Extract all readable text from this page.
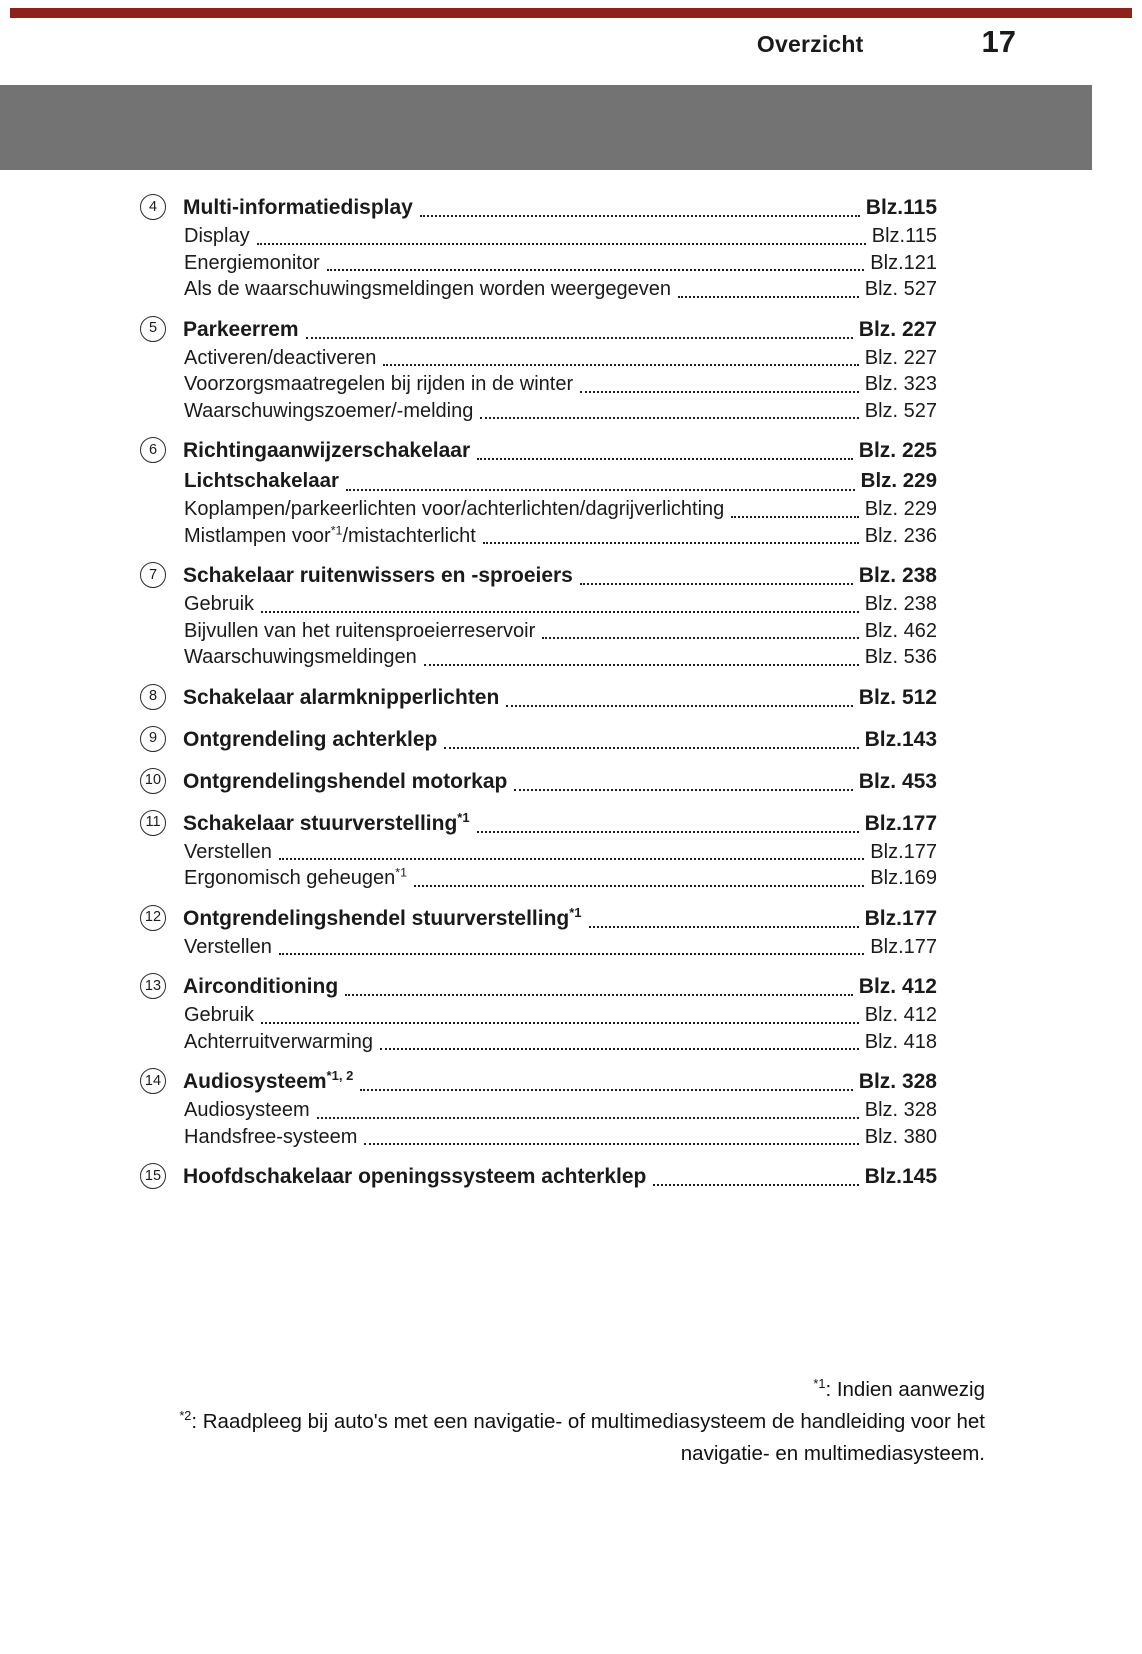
Overzicht	17
4	Multi-informatiedisplay	Blz.115
Display	Blz.115
Energiemonitor	Blz.121
Als de waarschuwingsmeldingen worden weergegeven	Blz. 527
5	Parkeerrem	Blz. 227
Activeren/deactiveren	Blz. 227
Voorzorgsmaatregelen bij rijden in de winter	Blz. 323
Waarschuwingszoemer/-melding	Blz. 527
6	Richtingaanwijzerschakelaar	Blz. 225
Lichtschakelaar	Blz. 229
Koplampen/parkeerlichten voor/achterlichten/dagrijverlichting	Blz. 229
Mistlampen voor$^{*1}$/mistachterlicht	Blz. 236
7	Schakelaar ruitenwissers en -sproeiers	Blz. 238
Gebruik	Blz. 238
Bijvullen van het ruitensproeierreservoir	Blz. 462
Waarschuwingsmeldingen	Blz. 536
8	Schakelaar alarmknipperlichten	Blz. 512
9	Ontgrendeling achterklep	Blz.143
10 Ontgrendelingshendel motorkap	Blz. 453
11 Schakelaar stuurverstelling$^{*1}$	Blz.177
Verstellen	Blz.177
Ergonomisch geheugen$^{*1}$	Blz.169
12 Ontgrendelingshendel stuurverstelling$^{*1}$	Blz.177
Verstellen	Blz.177
13 Airconditioning	Blz. 412
Gebruik	Blz. 412
Achterruitverwarming	Blz. 418
14 Audiosysteem$^{*1, 2}$	Blz. 328
Audiosysteem	Blz. 328
Handsfree-systeem	Blz. 380
15 Hoofdschakelaar openingssysteem achterklep	Blz.145
$^{*1}$: Indien aanwezig
$^{*2}$: Raadpleeg bij auto's met een navigatie- of multimediasysteem de handleiding voor het navigatie- en multimediasysteem.
